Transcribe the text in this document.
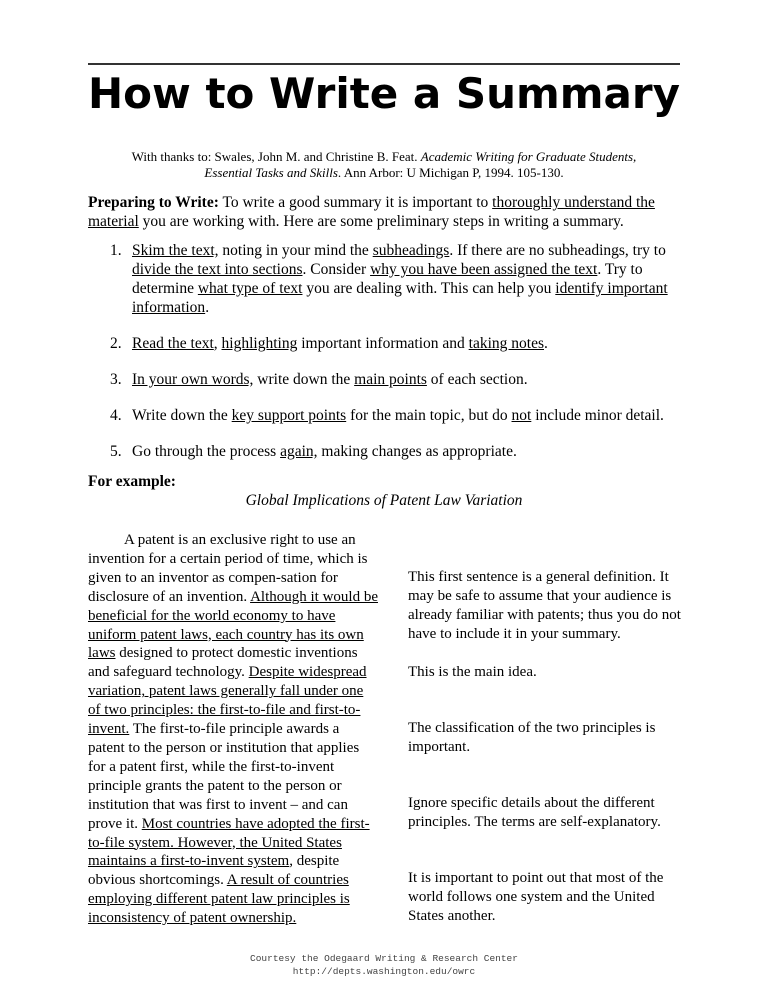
How to Write a Summary
With thanks to: Swales, John M. and Christine B. Feat. Academic Writing for Graduate Students, Essential Tasks and Skills. Ann Arbor: U Michigan P, 1994. 105-130.

Preparing to Write: To write a good summary it is important to thoroughly understand the material you are working with. Here are some preliminary steps in writing a summary.

1. Skim the text, noting in your mind the subheadings. If there are no subheadings, try to divide the text into sections. Consider why you have been assigned the text. Try to determine what type of text you are dealing with. This can help you identify important information.
2. Read the text, highlighting important information and taking notes.
3. In your own words, write down the main points of each section.
4. Write down the key support points for the main topic, but do not include minor detail.
5. Go through the process again, making changes as appropriate.
For example:
Global Implications of Patent Law Variation
A patent is an exclusive right to use an invention for a certain period of time, which is given to an inventor as compen-sation for disclosure of an invention. Although it would be beneficial for the world economy to have uniform patent laws, each country has its own laws designed to protect domestic inventions and safeguard technology. Despite widespread variation, patent laws generally fall under one of two principles: the first-to-file and first-to-invent. The first-to-file principle awards a patent to the person or institution that applies for a patent first, while the first-to-invent principle grants the patent to the person or institution that was first to invent – and can prove it. Most countries have adopted the first-to-file system. However, the United States maintains a first-to-invent system, despite obvious shortcomings. A result of countries employing different patent law principles is inconsistency of patent ownership.
This first sentence is a general definition. It may be safe to assume that your audience is already familiar with patents; thus you do not have to include it in your summary.
This is the main idea.
The classification of the two principles is important.
Ignore specific details about the different principles. The terms are self-explanatory.
It is important to point out that most of the world follows one system and the United States another.
Courtesy the Odegaard Writing & Research Center
http://depts.washington.edu/owrc
